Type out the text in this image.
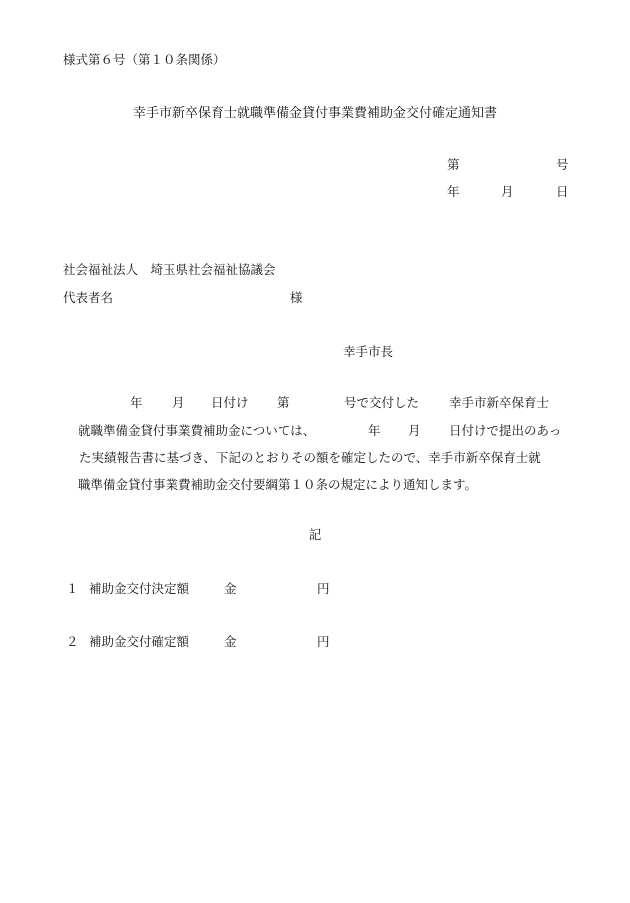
様式第６号（第１０条関係）
幸手市新卒保育士就職準備金貸付事業費補助金交付確定通知書
第	号
年	月	日
社会福祉法人　埼玉県社会福祉協議会
代表者名	様
幸手市長
年 月 日付け 第	号で交付した 幸手市新卒保育士
就職準備金貸付事業費補助金については、	年 月 日付けで提出のあっ
た実績報告書に基づき、下記のとおりその額を確定したので、幸手市新卒保育士就
職準備金貸付事業費補助金交付要綱第１０条の規定により通知します。
記
１ 補助金交付決定額	金	円
２ 補助金交付確定額	金	円
